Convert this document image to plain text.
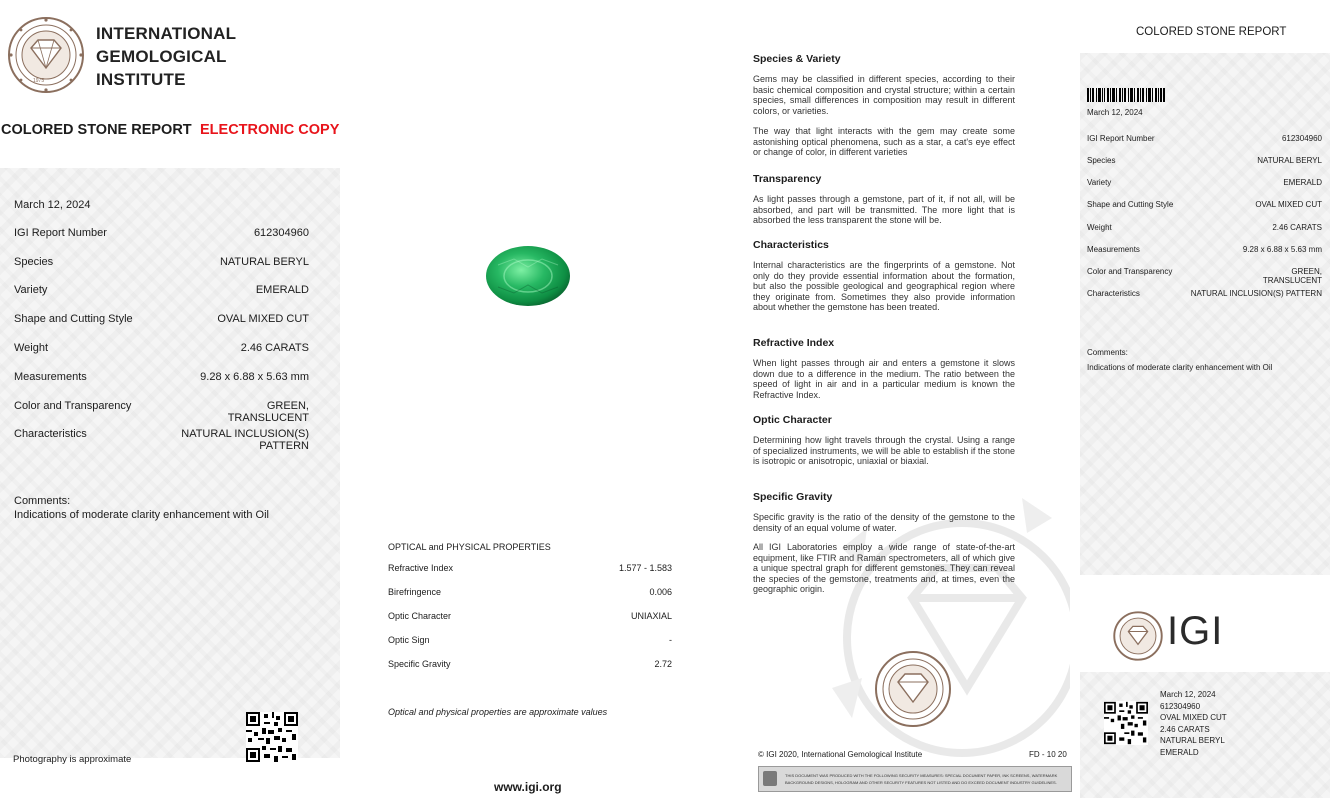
1975
INTERNATIONAL
GEMOLOGICAL
INSTITUTE
COLORED STONE REPORT ELECTRONIC COPY
March 12, 2024
IGI Report Number	612304960
Species	NATURAL BERYL
Variety	EMERALD
Shape and Cutting Style	OVAL MIXED CUT
Weight	2.46 CARATS
Measurements	9.28 x 6.88 x 5.63 mm
Color and Transparency	GREEN,
TRANSLUCENT
Characteristics	NATURAL INCLUSION(S)
PATTERN
Comments:
Indications of moderate clarity enhancement with Oil
Photography is approximate
OPTICAL and PHYSICAL PROPERTIES
Refractive Index	1.577 - 1.583
Birefringence	0.006
Optic Character	UNIAXIAL
Optic Sign	-
Specific Gravity	2.72
Optical and physical properties are approximate values
www.igi.org
Species & Variety
Gems may be classified in different species, according to their basic chemical composition and crystal structure; within a certain species, small differences in composition may result in different colors, or varieties.
The way that light interacts with the gem may create some astonishing optical phenomena, such as a star, a cat's eye effect or change of color, in different varieties
Transparency
As light passes through a gemstone, part of it, if not all, will be absorbed, and part will be transmitted. The more light that is absorbed the less transparent the stone will be.
Characteristics
Internal characteristics are the fingerprints of a gemstone. Not only do they provide essential information about the formation, but also the possible geological and geographical region where they originate from. Sometimes they also provide information about whether the gemstone has been treated.
Refractive Index
When light passes through air and enters a gemstone it slows down due to a difference in the medium. The ratio between the speed of light in air and in a particular medium is known the Refractive Index.
Optic Character
Determining how light travels through the crystal. Using a range of specialized instruments, we will be able to establish if the stone is isotropic or anisotropic, uniaxial or biaxial.
Specific Gravity
Specific gravity is the ratio of the density of the gemstone to the density of an equal volume of water.
All IGI Laboratories employ a wide range of state-of-the-art equipment, like FTIR and Raman spectrometers, all of which give a unique spectral graph for different gemstones. They can reveal the species of the gemstone, treatments and, at times, even the geographic origin.
© IGI 2020, International Gemological Institute	FD - 10 20
THIS DOCUMENT WAS PRODUCED WITH THE FOLLOWING SECURITY MEASURES: SPECIAL DOCUMENT PAPER, INK SCREENS, WATERMARK
BACKGROUND DESIGNS, HOLOGRAM AND OTHER SECURITY FEATURES NOT LISTED AND DO EXCEED DOCUMENT INDUSTRY GUIDELINES.
COLORED STONE REPORT
March 12, 2024
IGI Report Number	612304960
Species	NATURAL BERYL
Variety	EMERALD
Shape and Cutting Style	OVAL MIXED CUT
Weight	2.46 CARATS
Measurements	9.28 x 6.88 x 5.63 mm
Color and Transparency	GREEN,
TRANSLUCENT
Characteristics	NATURAL INCLUSION(S) PATTERN
Comments:
Indications of moderate clarity enhancement with Oil
IGI
March 12, 2024
612304960
OVAL MIXED CUT
2.46 CARATS
NATURAL BERYL
EMERALD
